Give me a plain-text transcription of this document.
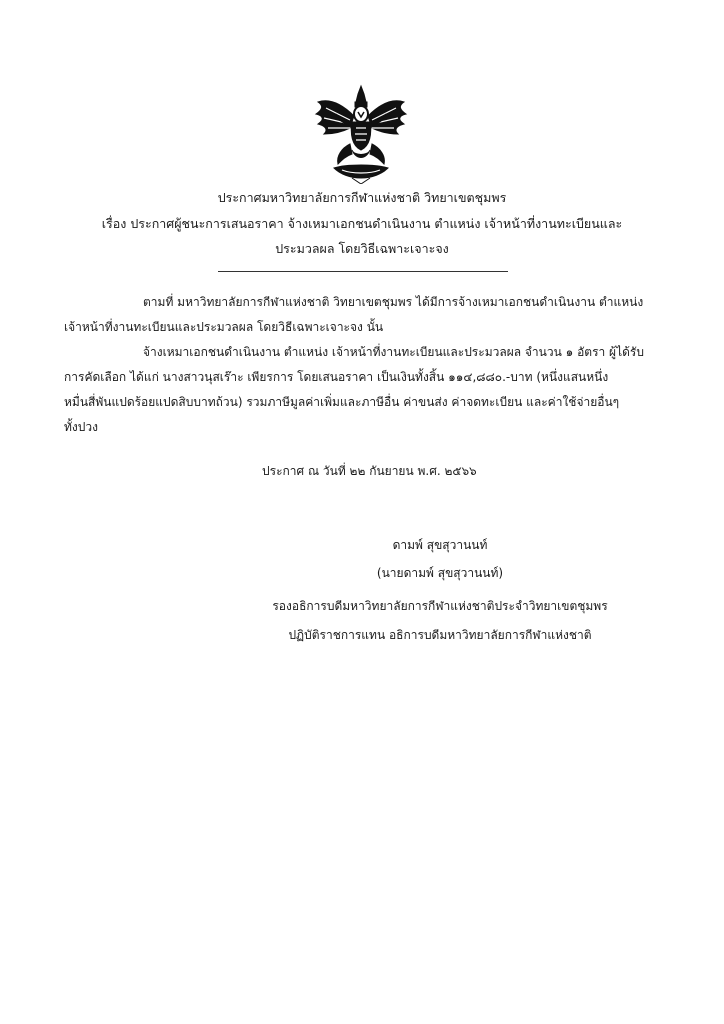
ประกาศมหาวิทยาลัยการกีฬาแห่งชาติ วิทยาเขตชุมพร
เรื่อง ประกาศผู้ชนะการเสนอราคา จ้างเหมาเอกชนดำเนินงาน ตำแหน่ง เจ้าหน้าที่งานทะเบียนและ
ประมวลผล โดยวิธีเฉพาะเจาะจง
ตามที่ มหาวิทยาลัยการกีฬาแห่งชาติ วิทยาเขตชุมพร ได้มีการจ้างเหมาเอกชนดำเนินงาน ตำแหน่ง
เจ้าหน้าที่งานทะเบียนและประมวลผล โดยวิธีเฉพาะเจาะจง นั้น
จ้างเหมาเอกชนดำเนินงาน ตำแหน่ง เจ้าหน้าที่งานทะเบียนและประมวลผล จำนวน ๑ อัตรา ผู้ได้รับ
การคัดเลือก ได้แก่ นางสาวนุสเร๊าะ เพียรการ โดยเสนอราคา เป็นเงินทั้งสิ้น ๑๑๔,๘๘๐.-บาท (หนึ่งแสนหนึ่ง
หมื่นสี่พันแปดร้อยแปดสิบบาทถ้วน) รวมภาษีมูลค่าเพิ่มและภาษีอื่น ค่าขนส่ง ค่าจดทะเบียน และค่าใช้จ่ายอื่นๆ
ทั้งปวง
ประกาศ ณ วันที่ ๒๒ กันยายน พ.ศ. ๒๕๖๖
ดามพ์ สุขสุวานนท์
(นายดามพ์ สุขสุวานนท์)
รองอธิการบดีมหาวิทยาลัยการกีฬาแห่งชาติประจำวิทยาเขตชุมพร
ปฏิบัติราชการแทน อธิการบดีมหาวิทยาลัยการกีฬาแห่งชาติ
